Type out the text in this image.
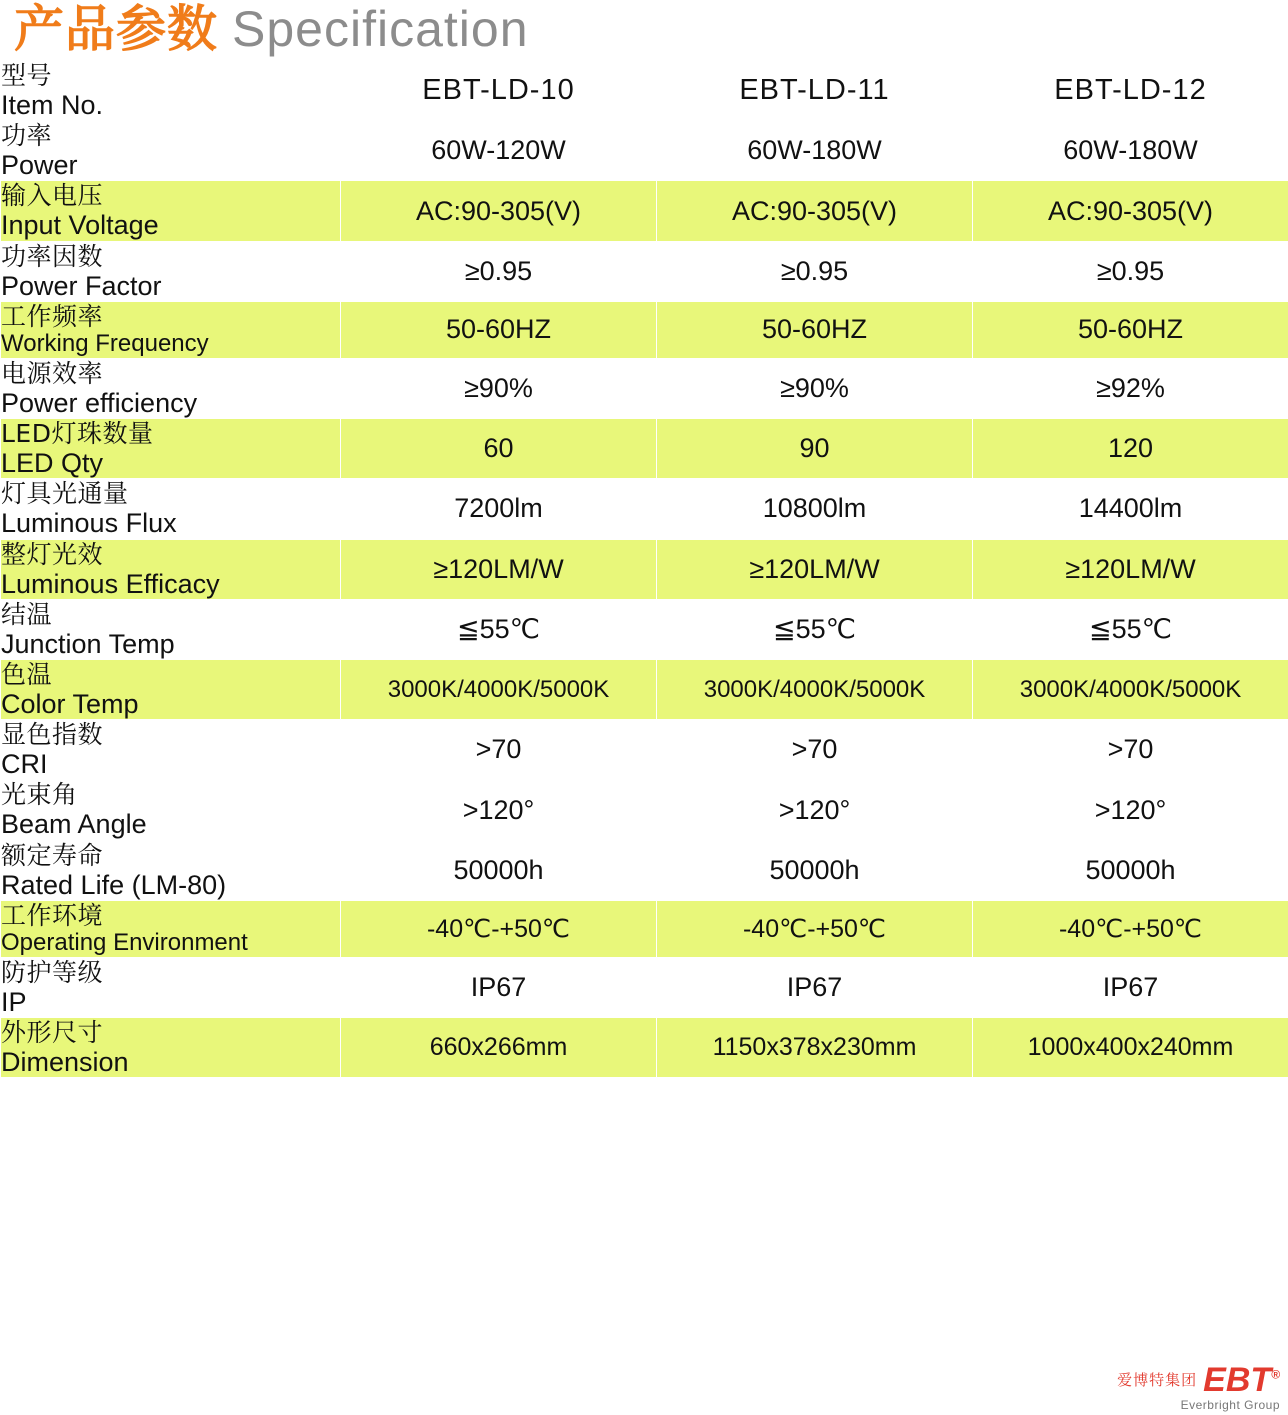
产品参数 Specification
型号
Item No.	EBT-LD-10	EBT-LD-11	EBT-LD-12

功率
Power	60W-120W	60W-180W	60W-180W

输入电压
Input Voltage	AC:90-305(V)	AC:90-305(V)	AC:90-305(V)

功率因数
Power Factor	≥0.95	≥0.95	≥0.95

工作频率
Working Frequency	50-60HZ	50-60HZ	50-60HZ

电源效率
Power efficiency	≥90%	≥90%	≥92%

LED灯珠数量
LED Qty	60	90	120

灯具光通量
Luminous Flux	7200lm	10800lm	14400lm

整灯光效
Luminous Efficacy	≥120LM/W	≥120LM/W	≥120LM/W

结温
Junction Temp	≦55℃	≦55℃	≦55℃

色温
Color Temp	3000K/4000K/5000K	3000K/4000K/5000K	3000K/4000K/5000K

显色指数
CRI	>70	>70	>70

光束角
Beam Angle	>120°	>120°	>120°

额定寿命
Rated Life (LM-80)	50000h	50000h	50000h

工作环境
Operating Environment	-40℃-+50℃	-40℃-+50℃	-40℃-+50℃

防护等级
IP	IP67	IP67	IP67

外形尺寸
Dimension	660x266mm	1150x378x230mm	1000x400x240mm
爱博特集团 EBT®
Everbright Group
